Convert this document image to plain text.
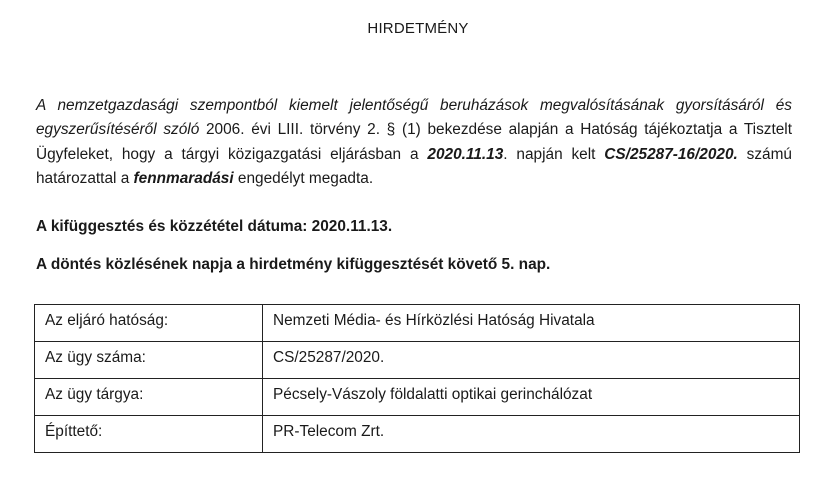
HIRDETMÉNY
A nemzetgazdasági szempontból kiemelt jelentőségű beruházások megvalósításának gyorsításáról és egyszerűsítéséről szóló 2006. évi LIII. törvény 2. § (1) bekezdése alapján a Hatóság tájékoztatja a Tisztelt Ügyfeleket, hogy a tárgyi közigazgatási eljárásban a 2020.11.13. napján kelt CS/25287-16/2020. számú határozattal a fennmaradási engedélyt megadta.
A kifüggesztés és közzététel dátuma: 2020.11.13.
A döntés közlésének napja a hirdetmény kifüggesztését követő 5. nap.
Az eljáró hatóság:	Nemzeti Média- és Hírközlési Hatóság Hivatala
Az ügy száma:	CS/25287/2020.
Az ügy tárgya:	Pécsely-Vászoly földalatti optikai gerinchálózat
Építtető:	PR-Telecom Zrt.
